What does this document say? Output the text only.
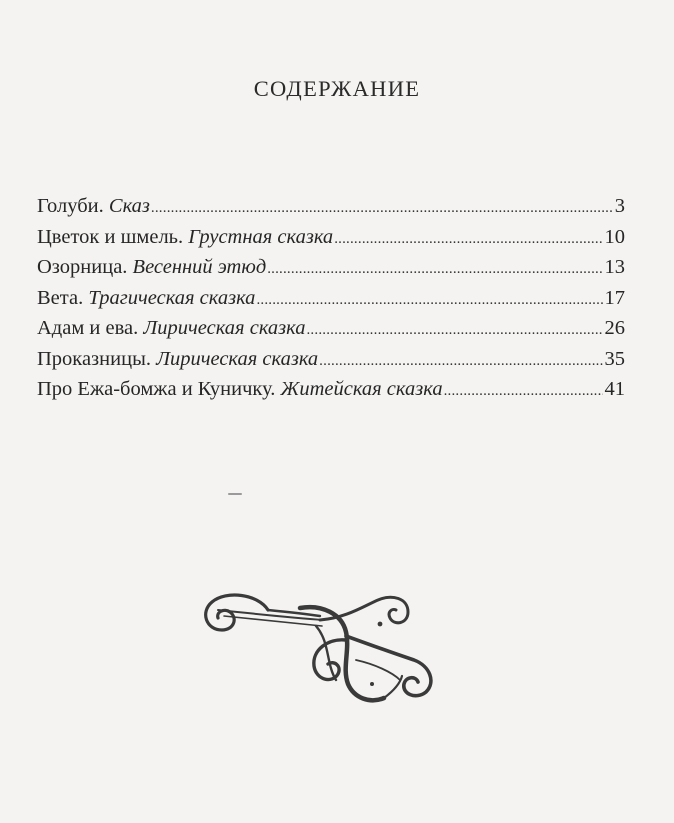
СОДЕРЖАНИЕ
Голуби. Сказ .....	3
Цветок и шмель. Грустная сказка .....	10
Озорница. Весенний этюд .....	13
Вета. Трагическая сказка .....	17
Адам и ева. Лирическая сказка .....	26
Проказницы. Лирическая сказка .....	35
Про Ежа-бомжа и Куничку. Житейская сказка .....	41
